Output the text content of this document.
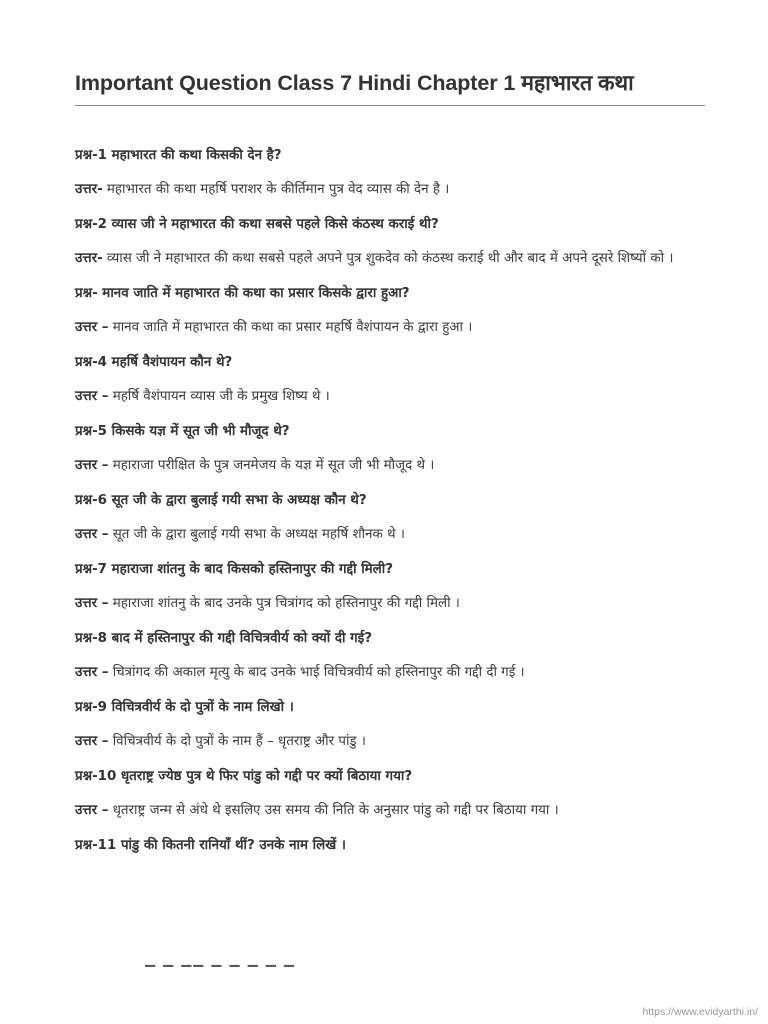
Important Question Class 7 Hindi Chapter 1 महाभारत कथा

प्रश्न-1 महाभारत की कथा किसकी देन है?

उत्तर- महाभारत की कथा महर्षि पराशर के कीर्तिमान पुत्र वेद व्यास की देन है ।

प्रश्न-2 व्यास जी ने महाभारत की कथा सबसे पहले किसे कंठस्थ कराई थी?

उत्तर- व्यास जी ने महाभारत की कथा सबसे पहले अपने पुत्र शुकदेव को कंठस्थ कराई थी और बाद में अपने दूसरे शिष्यों को ।

प्रश्न- मानव जाति में महाभारत की कथा का प्रसार किसके द्वारा हुआ?

उत्तर – मानव जाति में महाभारत की कथा का प्रसार महर्षि वैशंपायन के द्वारा हुआ ।

प्रश्न-4 महर्षि वैशंपायन कौन थे?

उत्तर – महर्षि वैशंपायन व्यास जी के प्रमुख शिष्य थे ।

प्रश्न-5 किसके यज्ञ में सूत जी भी मौजूद थे?

उत्तर – महाराजा परीक्षित के पुत्र जनमेजय के यज्ञ में सूत जी भी मौजूद थे ।

प्रश्न-6 सूत जी के द्वारा बुलाई गयी सभा के अध्यक्ष कौन थे?

उत्तर – सूत जी के द्वारा बुलाई गयी सभा के अध्यक्ष महर्षि शौनक थे ।

प्रश्न-7 महाराजा शांतनु के बाद किसको हस्तिनापुर की गद्दी मिली?

उत्तर – महाराजा शांतनु के बाद उनके पुत्र चित्रांगद को हस्तिनापुर की गद्दी मिली ।

प्रश्न-8 बाद में हस्तिनापुर की गद्दी विचित्रवीर्य को क्यों दी गई?

उत्तर – चित्रांगद की अकाल मृत्यु के बाद उनके भाई विचित्रवीर्य को हस्तिनापुर की गद्दी दी गई ।

प्रश्न-9 विचित्रवीर्य के दो पुत्रों के नाम लिखो ।

उत्तर – विचित्रवीर्य के दो पुत्रों के नाम हैं – धृतराष्ट्र और पांडु ।

प्रश्न-10 धृतराष्ट्र ज्येष्ठ पुत्र थे फिर पांडु को गद्दी पर क्यों बिठाया गया?

उत्तर – धृतराष्ट्र जन्म से अंधे थे इसलिए उस समय की निति के अनुसार पांडु को गद्दी पर बिठाया गया ।

प्रश्न-11 पांडु की कितनी रानियाँ थीं? उनके नाम लिखें ।

▔ ▔ ▔▔ ▔ ▔ ▔ ▔ ▔
https://www.evidyarthi.in/
